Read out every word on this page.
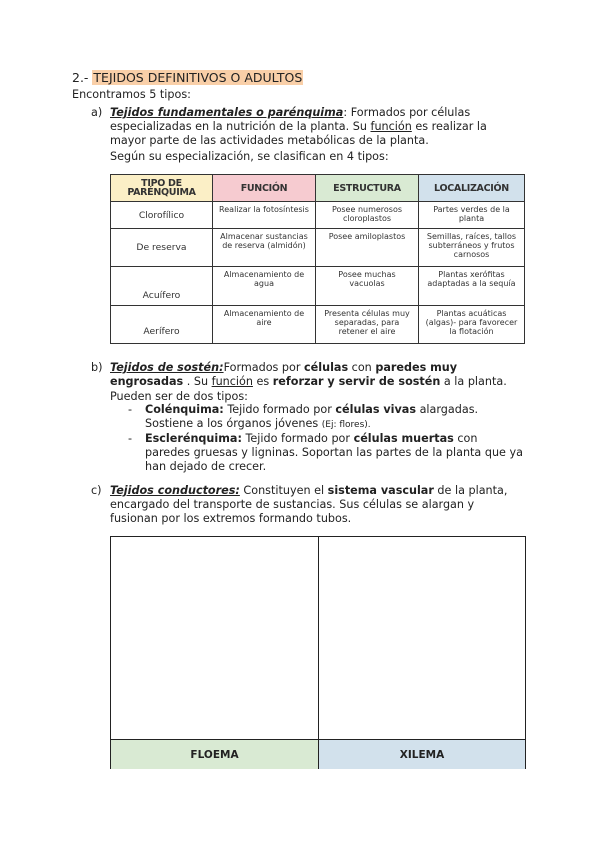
2.- TEJIDOS DEFINITIVOS O ADULTOS
Encontramos 5 tipos:
a) Tejidos fundamentales o parénquima: Formados por células especializadas en la nutrición de la planta. Su función es realizar la mayor parte de las actividades metabólicas de la planta.
Según su especialización, se clasifican en 4 tipos:
TIPO DE PARÉNQUIMA	FUNCIÓN	ESTRUCTURA	LOCALIZACIÓN
Clorofílico	Realizar la fotosíntesis	Posee numerosos cloroplastos	Partes verdes de la planta
De reserva	Almacenar sustancias de reserva (almidón)	Posee amiloplastos	Semillas, raíces, tallos subterráneos y frutos carnosos
Acuífero	Almacenamiento de agua	Posee muchas vacuolas	Plantas xerófitas adaptadas a la sequía
Aerífero	Almacenamiento de aire	Presenta células muy separadas, para retener el aire	Plantas acuáticas (algas)- para favorecer la flotación
b) Tejidos de sostén:Formados por células con paredes muy engrosadas . Su función es reforzar y servir de sostén a la planta.
Pueden ser de dos tipos:
- Colénquima: Tejido formado por células vivas alargadas. Sostiene a los órganos jóvenes (Ej: flores).
- Esclerénquima: Tejido formado por células muertas con paredes gruesas y ligninas. Soportan las partes de la planta que ya han dejado de crecer.
c) Tejidos conductores: Constituyen el sistema vascular de la planta, encargado del transporte de sustancias. Sus células se alargan y fusionan por los extremos formando tubos.
FLOEMA	XILEMA
